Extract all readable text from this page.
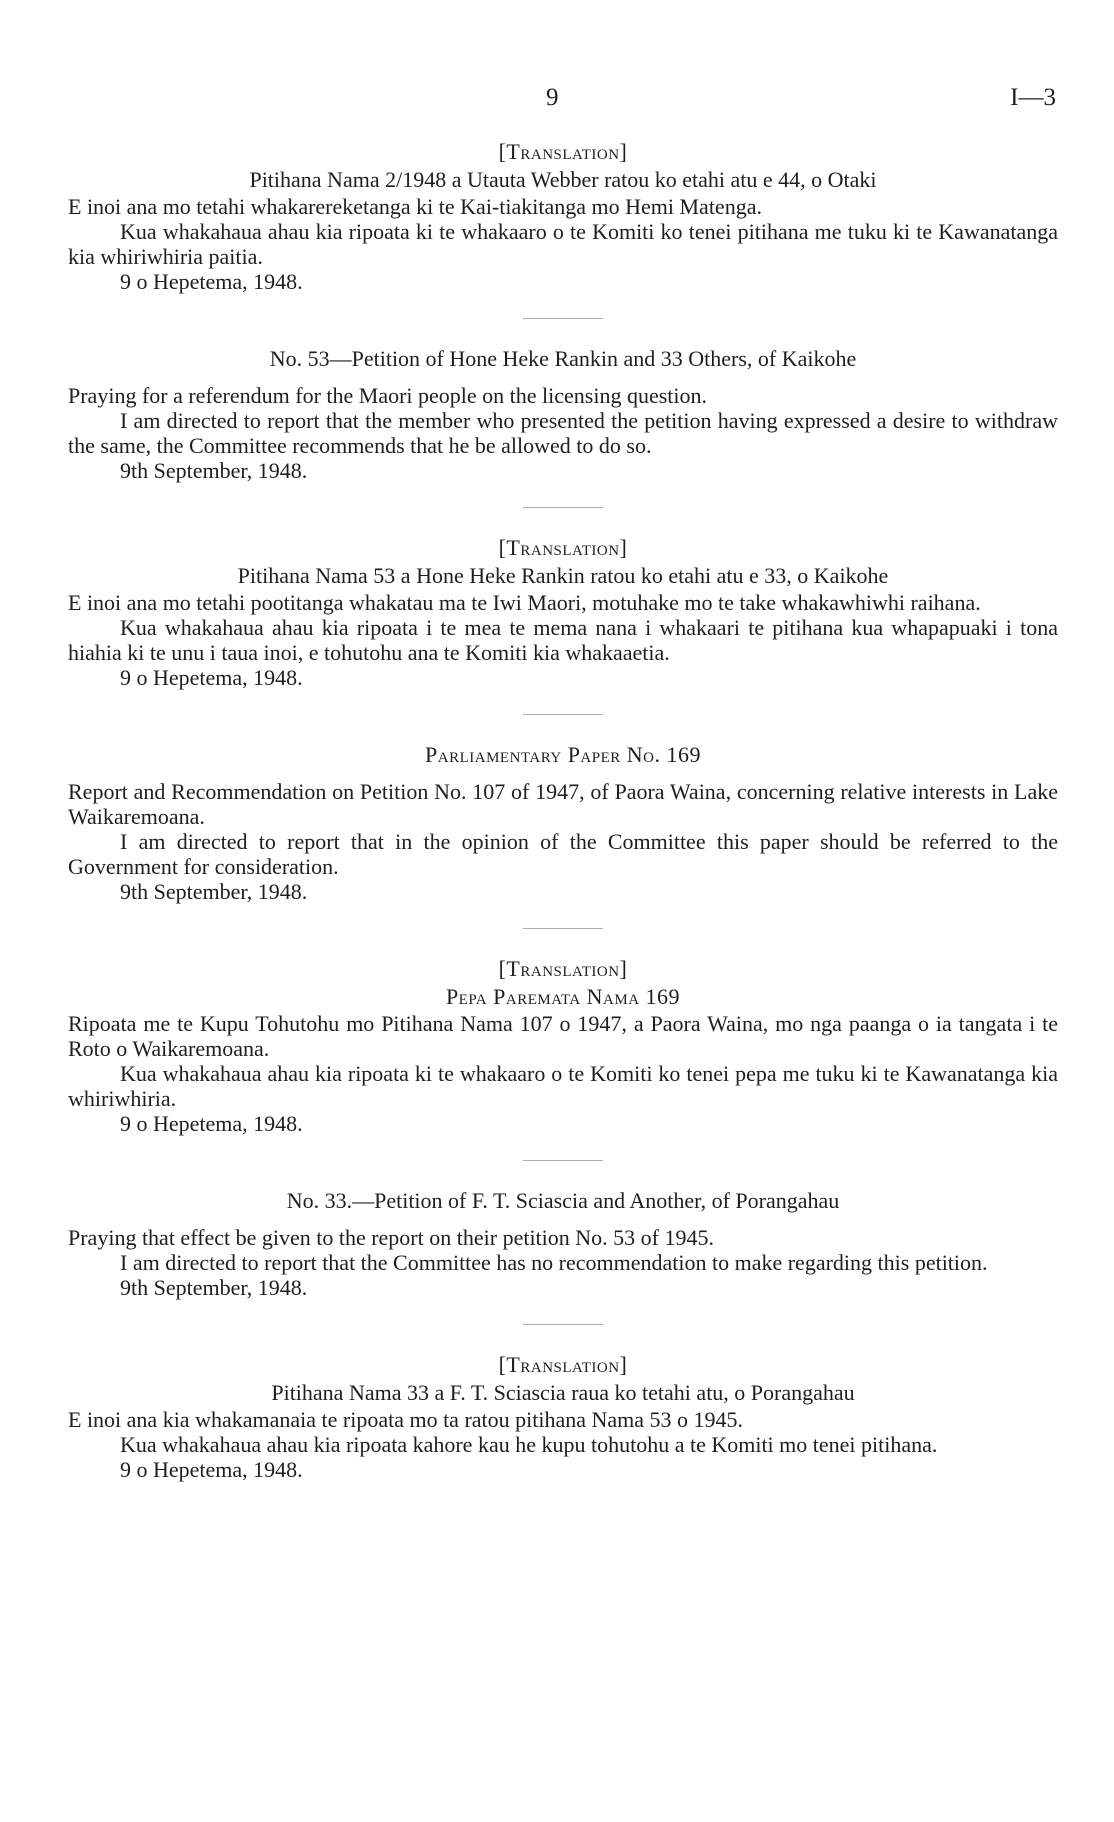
9	I—3

[Translation]

Pitihana Nama 2/1948 a Utauta Webber ratou ko etahi atu e 44, o Otaki

E inoi ana mo tetahi whakarereketanga ki te Kai-tiakitanga mo Hemi Matenga.

Kua whakahaua ahau kia ripoata ki te whakaaro o te Komiti ko tenei pitihana me tuku ki te Kawanatanga kia whiriwhiria paitia.

9 o Hepetema, 1948.

No. 53—Petition of Hone Heke Rankin and 33 Others, of Kaikohe

Praying for a referendum for the Maori people on the licensing question.

I am directed to report that the member who presented the petition having expressed a desire to withdraw the same, the Committee recommends that he be allowed to do so.

9th September, 1948.

[Translation]

Pitihana Nama 53 a Hone Heke Rankin ratou ko etahi atu e 33, o Kaikohe

E inoi ana mo tetahi pootitanga whakatau ma te Iwi Maori, motuhake mo te take whakawhiwhi raihana.

Kua whakahaua ahau kia ripoata i te mea te mema nana i whakaari te pitihana kua whapapuaki i tona hiahia ki te unu i taua inoi, e tohutohu ana te Komiti kia whakaaetia.

9 o Hepetema, 1948.

Parliamentary Paper No. 169

Report and Recommendation on Petition No. 107 of 1947, of Paora Waina, concerning relative interests in Lake Waikaremoana.

I am directed to report that in the opinion of the Committee this paper should be referred to the Government for consideration.

9th September, 1948.

[Translation]

Pepa Paremata Nama 169

Ripoata me te Kupu Tohutohu mo Pitihana Nama 107 o 1947, a Paora Waina, mo nga paanga o ia tangata i te Roto o Waikaremoana.

Kua whakahaua ahau kia ripoata ki te whakaaro o te Komiti ko tenei pepa me tuku ki te Kawanatanga kia whiriwhiria.

9 o Hepetema, 1948.

No. 33.—Petition of F. T. Sciascia and Another, of Porangahau

Praying that effect be given to the report on their petition No. 53 of 1945.

I am directed to report that the Committee has no recommendation to make regarding this petition.

9th September, 1948.

[Translation]

Pitihana Nama 33 a F. T. Sciascia raua ko tetahi atu, o Porangahau

E inoi ana kia whakamanaia te ripoata mo ta ratou pitihana Nama 53 o 1945.

Kua whakahaua ahau kia ripoata kahore kau he kupu tohutohu a te Komiti mo tenei pitihana.

9 o Hepetema, 1948.
